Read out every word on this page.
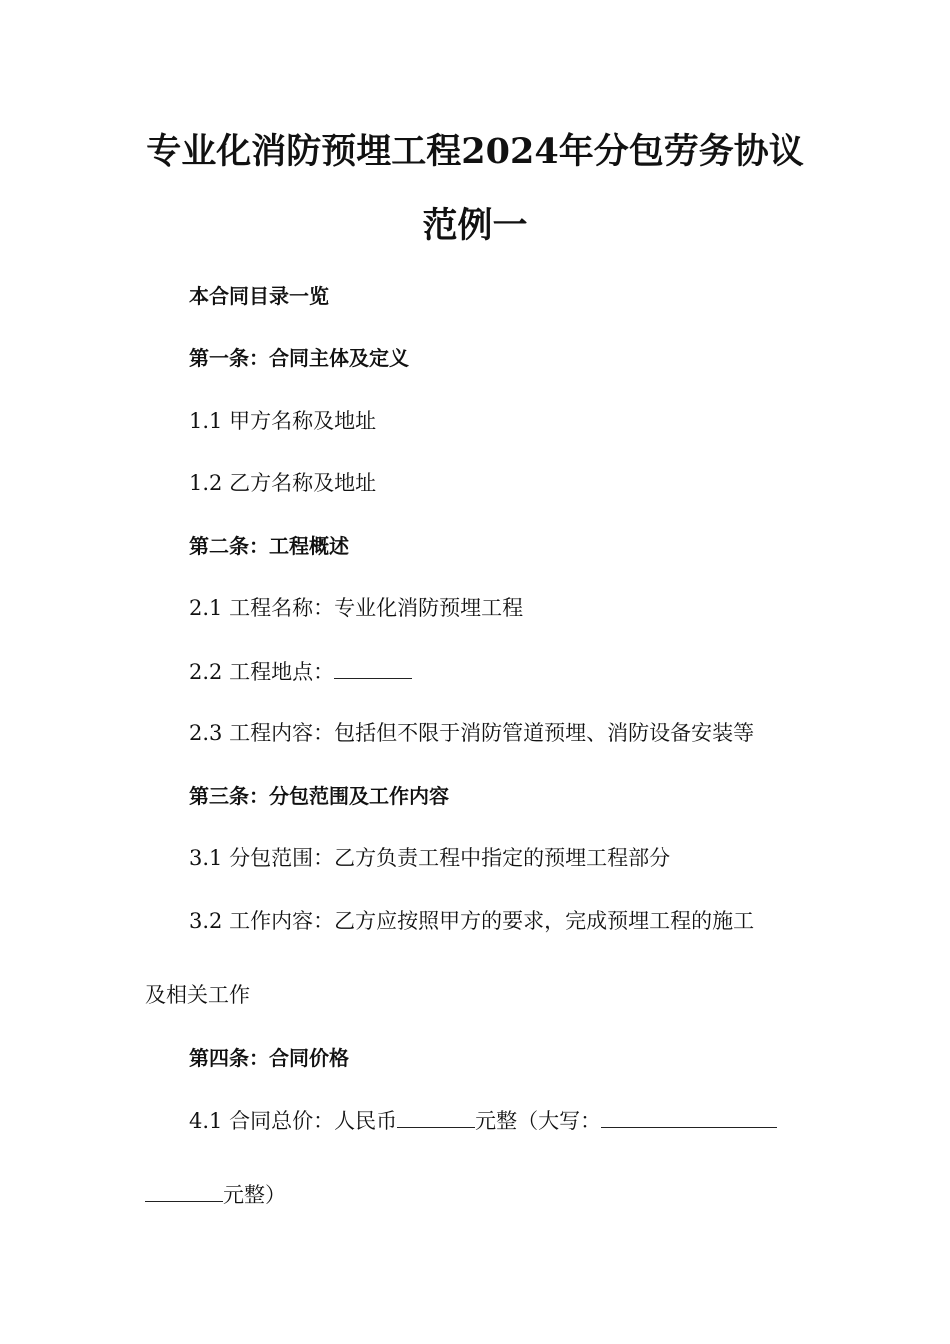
专业化消防预埋工程2024年分包劳务协议
范例一

本合同目录一览

第一条：合同主体及定义

1.1 甲方名称及地址

1.2 乙方名称及地址

第二条：工程概述

2.1 工程名称：专业化消防预埋工程

2.2 工程地点：

2.3 工程内容：包括但不限于消防管道预埋、消防设备安装等

第三条：分包范围及工作内容

3.1 分包范围：乙方负责工程中指定的预埋工程部分

3.2 工作内容：乙方应按照甲方的要求，完成预埋工程的施工

及相关工作

第四条：合同价格

4.1 合同总价：人民币	元整（大写：

元整）
